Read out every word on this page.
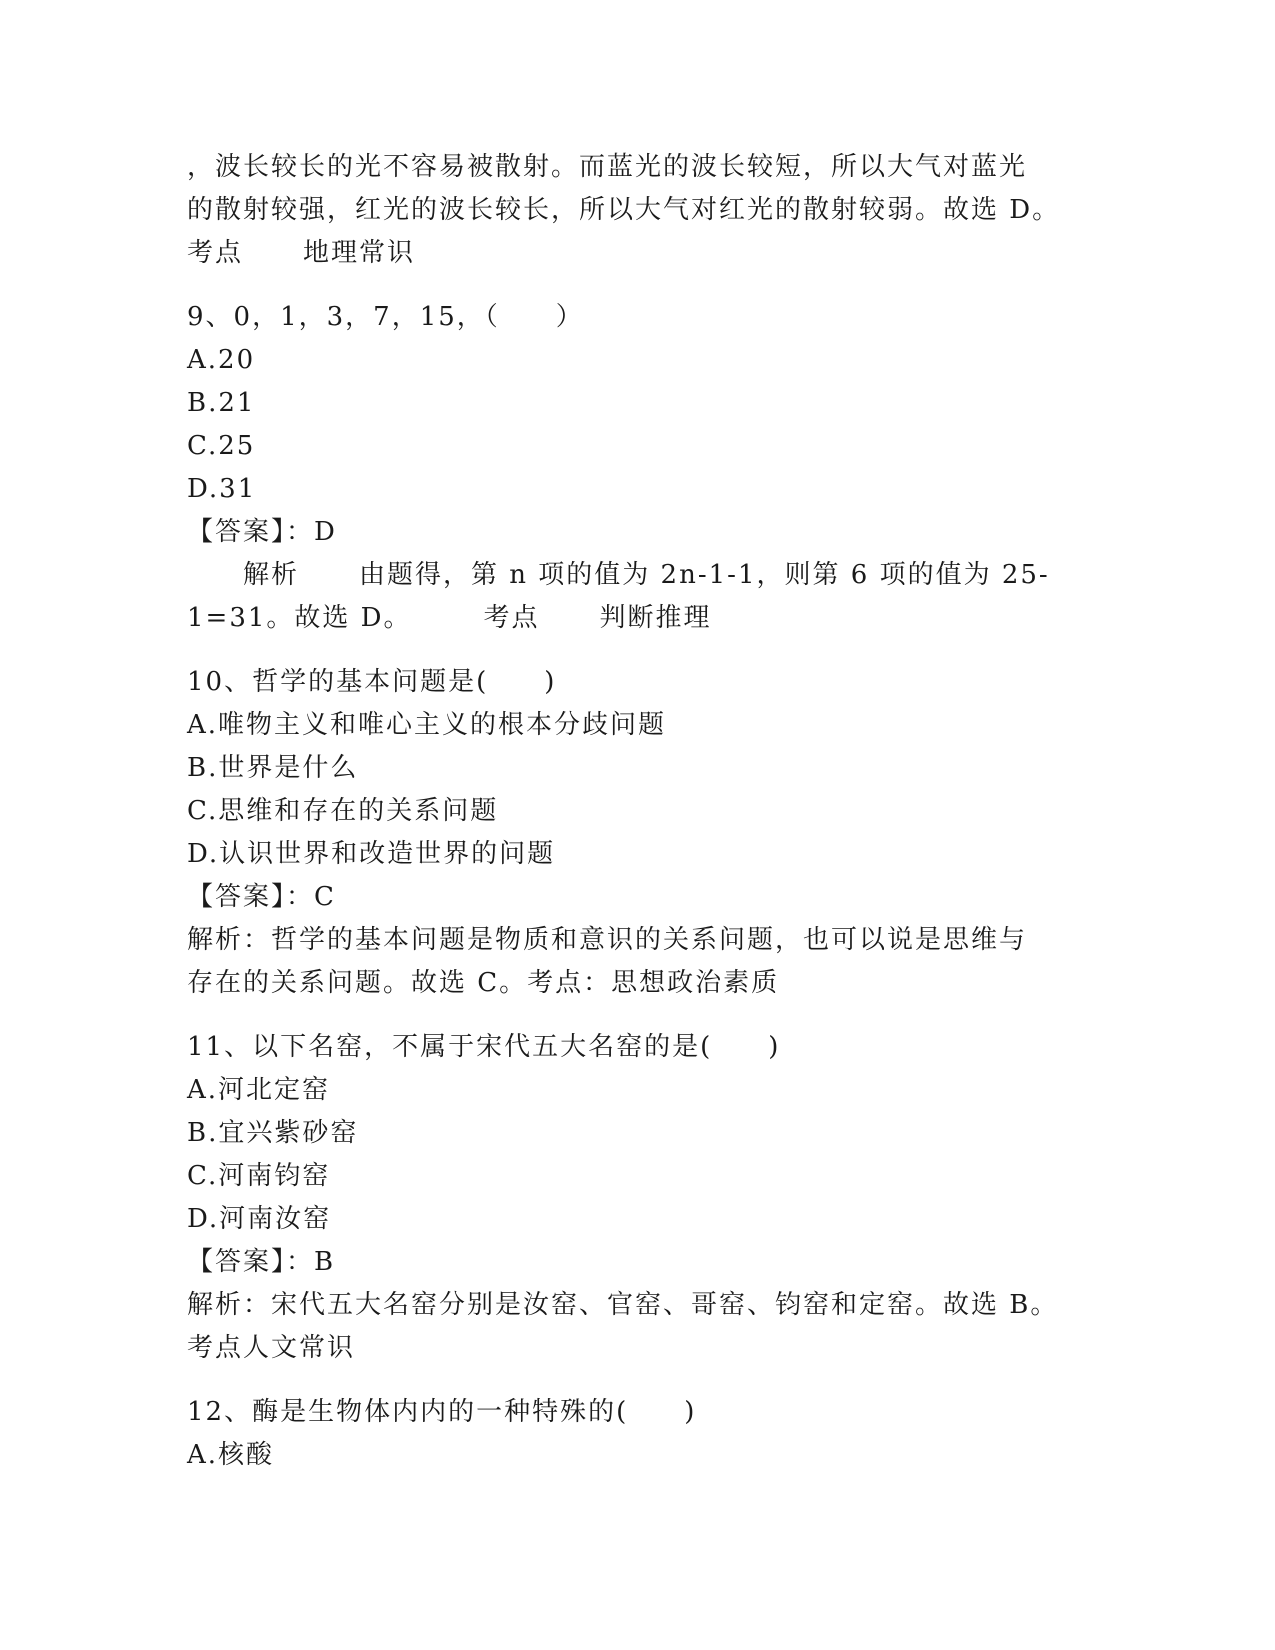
，波长较长的光不容易被散射。而蓝光的波长较短，所以大气对蓝光
的散射较强，红光的波长较长，所以大气对红光的散射较弱。故选 D。
考点 地理常识
9、0，1，3，7，15，（　　）
A.20
B.21
C.25
D.31
【答案】：D
解析 由题得，第 n 项的值为 2n-1-1，则第 6 项的值为 25-
1=31。故选 D。	考点 判断推理
10、哲学的基本问题是(　　)
A.唯物主义和唯心主义的根本分歧问题
B.世界是什么
C.思维和存在的关系问题
D.认识世界和改造世界的问题
【答案】：C
解析：哲学的基本问题是物质和意识的关系问题，也可以说是思维与
存在的关系问题。故选 C。考点：思想政治素质
11、以下名窑，不属于宋代五大名窑的是(　　)
A.河北定窑
B.宜兴紫砂窑
C.河南钧窑
D.河南汝窑
【答案】：B
解析：宋代五大名窑分别是汝窑、官窑、哥窑、钧窑和定窑。故选 B。
考点人文常识
12、酶是生物体内内的一种特殊的(　　)
A.核酸
